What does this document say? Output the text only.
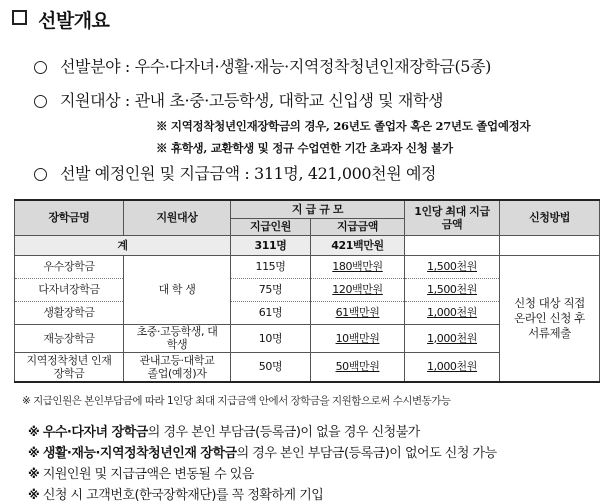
선발개요
선발분야 : 우수·다자녀·생활·재능·지역정착청년인재장학금(5종)
지원대상 : 관내 초·중·고등학생, 대학교 신입생 및 재학생
※ 지역정착청년인재장학금의 경우, 26년도 졸업자 혹은 27년도 졸업예정자
※ 휴학생, 교환학생 및 정규 수업연한 기간 초과자 신청 불가
선발 예정인원 및 지급금액 : 311명, 421,000천원 예정
장학금명	지원대상	지 급 규 모		1인당 최대 지급금액	신청방법
		지급인원	지급금액		
계		311명	421백만원		
우수장학금	대 학 생	115명	180백만원	1,500천원	신청 대상 직접 온라인 신청 후 서류제출
다자녀장학금		75명	120백만원	1,500천원	
생활장학금		61명	61백만원	1,000천원	
재능장학금	초중·고등학생, 대학생	10명	10백만원	1,000천원	
지역정착청년 인재장학금	관내고등·대학교 졸업(예정)자	50명	50백만원	1,000천원	
※ 지급인원은 본인부담금에 따라 1인당 최대 지급금액 안에서 장학금을 지원함으로써 수시변동가능
※ 우수·다자녀 장학금의 경우 본인 부담금(등록금)이 없을 경우 신청불가
※ 생활·재능·지역정착청년인재 장학금의 경우 본인 부담금(등록금)이 없어도 신청 가능
※ 지원인원 및 지급금액은 변동될 수 있음
※ 신청 시 고객번호(한국장학재단)를 꼭 정확하게 기입
